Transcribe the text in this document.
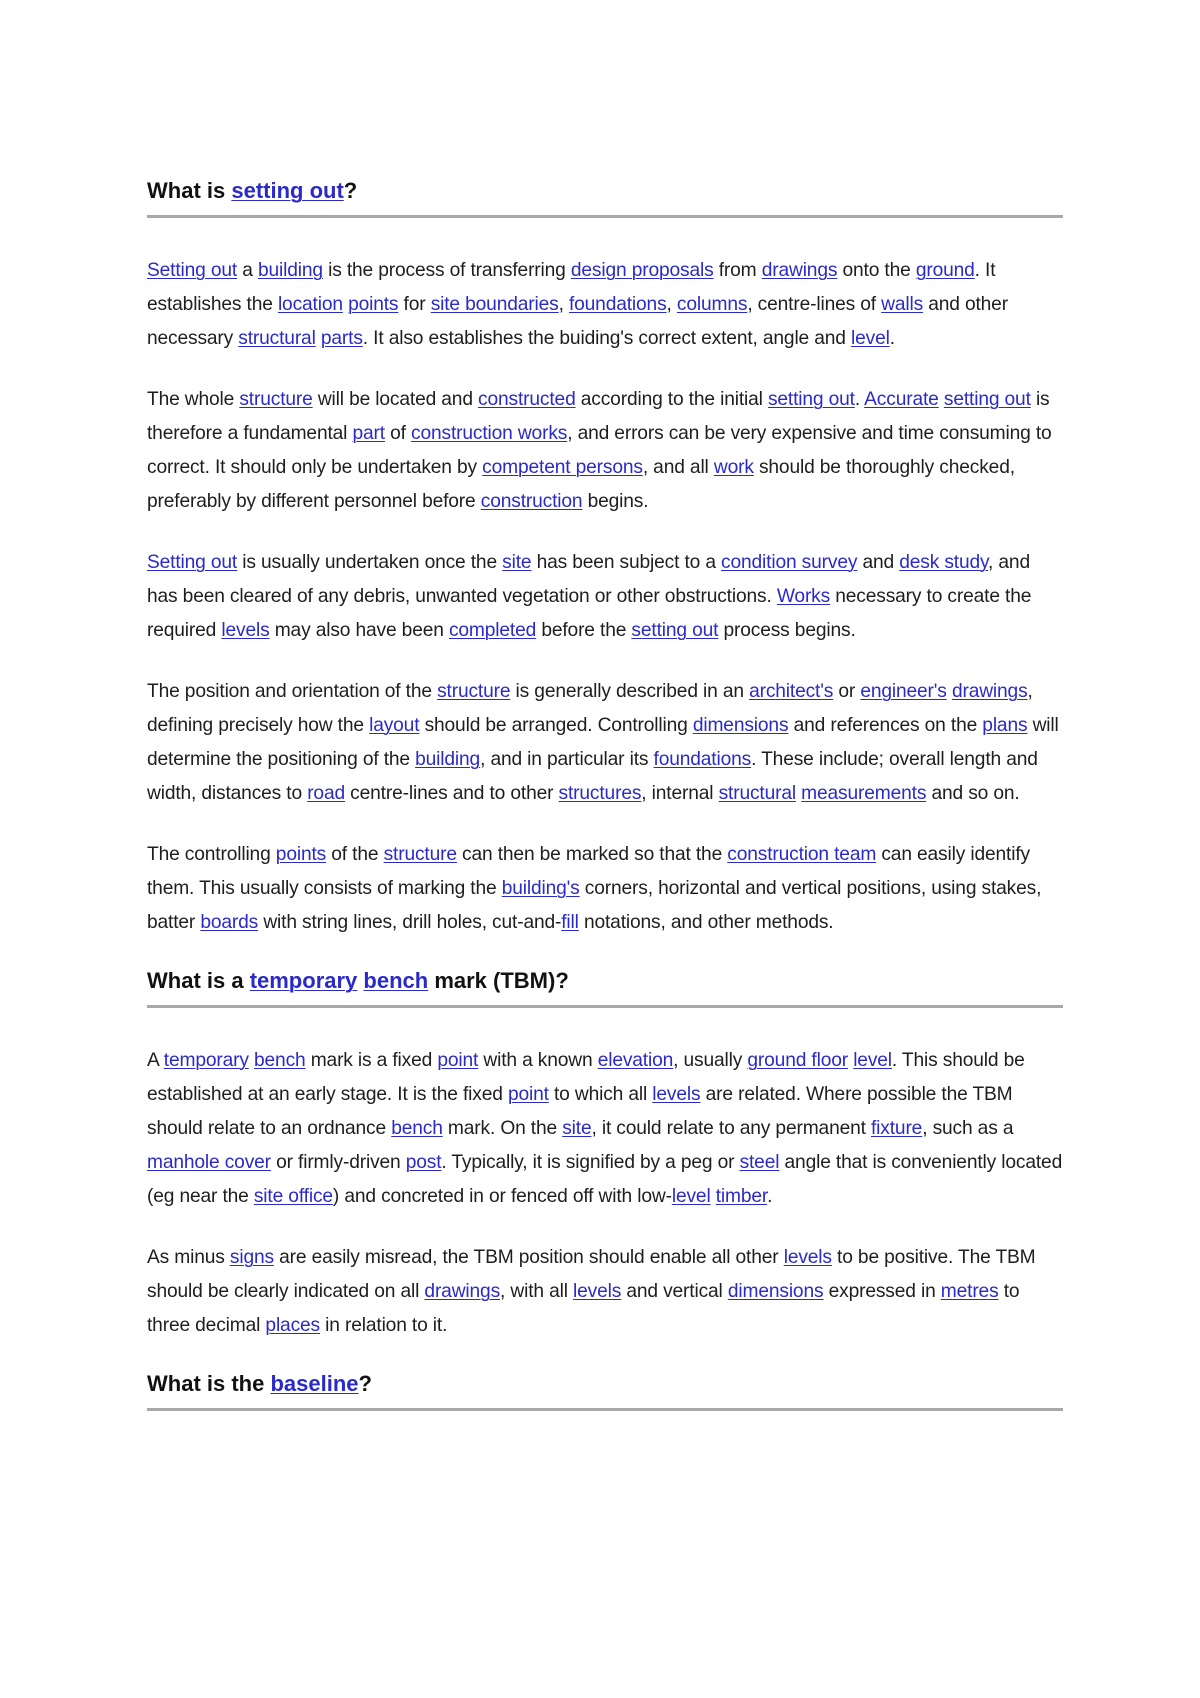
What is setting out?

Setting out a building is the process of transferring design proposals from drawings onto the ground. It establishes the location points for site boundaries, foundations, columns, centre-lines of walls and other necessary structural parts. It also establishes the buiding's correct extent, angle and level.

The whole structure will be located and constructed according to the initial setting out. Accurate setting out is therefore a fundamental part of construction works, and errors can be very expensive and time consuming to correct. It should only be undertaken by competent persons, and all work should be thoroughly checked, preferably by different personnel before construction begins.

Setting out is usually undertaken once the site has been subject to a condition survey and desk study, and has been cleared of any debris, unwanted vegetation or other obstructions. Works necessary to create the required levels may also have been completed before the setting out process begins.

The position and orientation of the structure is generally described in an architect's or engineer's drawings, defining precisely how the layout should be arranged. Controlling dimensions and references on the plans will determine the positioning of the building, and in particular its foundations. These include; overall length and width, distances to road centre-lines and to other structures, internal structural measurements and so on.

The controlling points of the structure can then be marked so that the construction team can easily identify them. This usually consists of marking the building's corners, horizontal and vertical positions, using stakes, batter boards with string lines, drill holes, cut-and-fill notations, and other methods.

What is a temporary bench mark (TBM)?

A temporary bench mark is a fixed point with a known elevation, usually ground floor level. This should be established at an early stage. It is the fixed point to which all levels are related. Where possible the TBM should relate to an ordnance bench mark. On the site, it could relate to any permanent fixture, such as a manhole cover or firmly-driven post. Typically, it is signified by a peg or steel angle that is conveniently located (eg near the site office) and concreted in or fenced off with low-level timber.

As minus signs are easily misread, the TBM position should enable all other levels to be positive. The TBM should be clearly indicated on all drawings, with all levels and vertical dimensions expressed in metres to three decimal places in relation to it.

What is the baseline?
